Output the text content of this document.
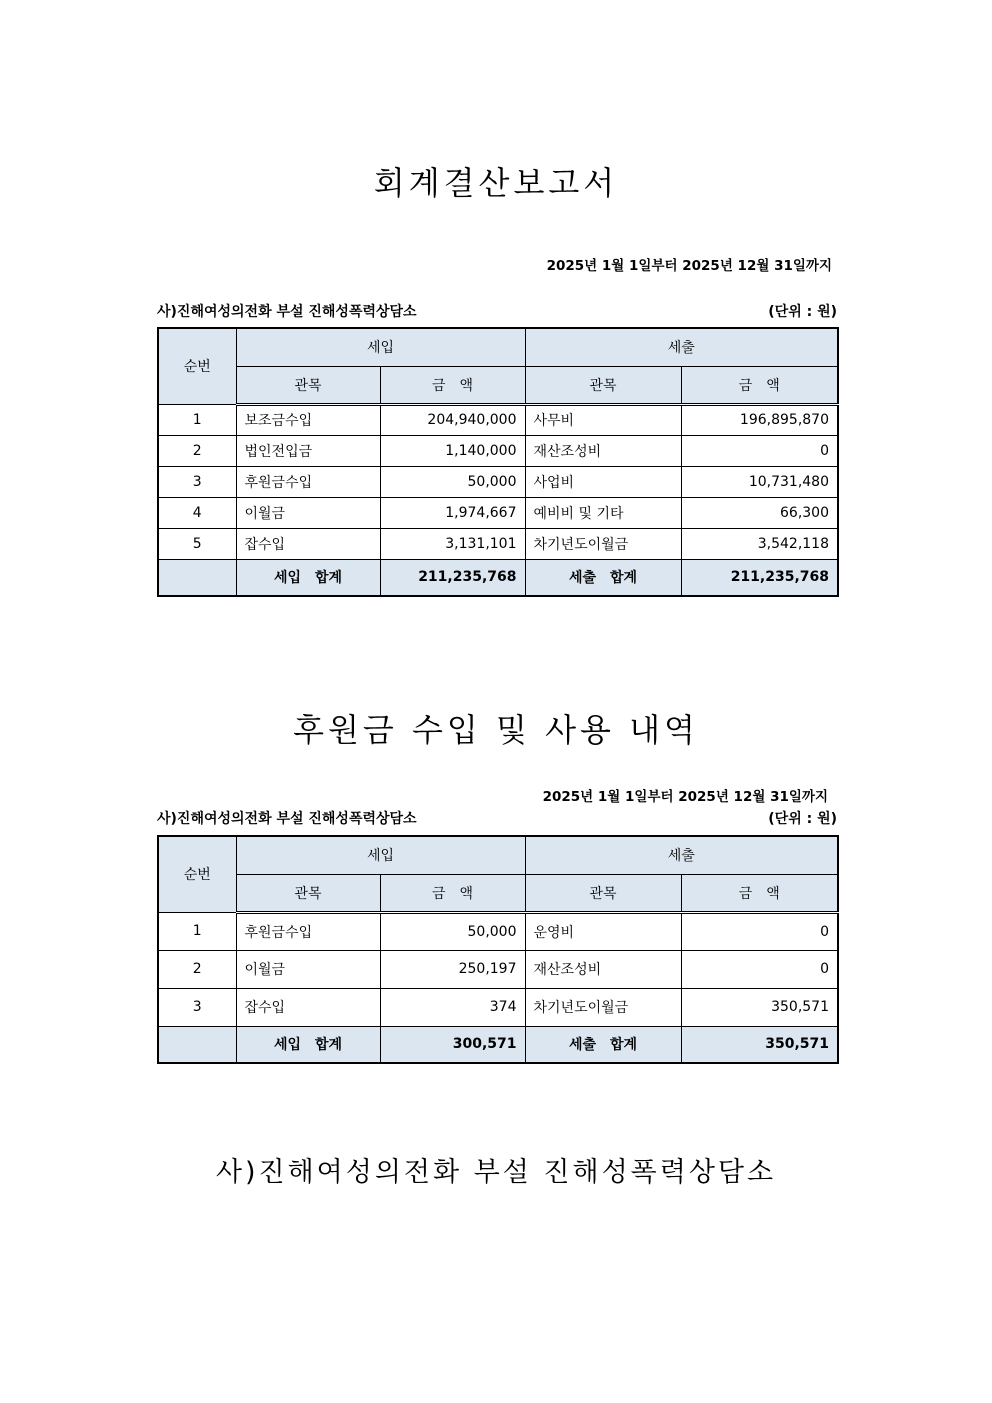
회계결산보고서
2025년 1월 1일부터 2025년 12월 31일까지
사)진해여성의전화 부설 진해성폭력상담소	(단위 : 원)
순번	세입		세출	
	관목	금　액	관목	금　액
1	보조금수입	204,940,000	사무비	196,895,870
2	법인전입금	1,140,000	재산조성비	0
3	후원금수입	50,000	사업비	10,731,480
4	이월금	1,974,667	예비비 및 기타	66,300
5	잡수입	3,131,101	차기년도이월금	3,542,118
	세입　합계	211,235,768	세출　합계	211,235,768
후원금 수입 및 사용 내역
2025년 1월 1일부터 2025년 12월 31일까지
사)진해여성의전화 부설 진해성폭력상담소	(단위 : 원)
순번	세입		세출	
	관목	금　액	관목	금　액
1	후원금수입	50,000	운영비	0
2	이월금	250,197	재산조성비	0
3	잡수입	374	차기년도이월금	350,571
	세입　합계	300,571	세출　합계	350,571
사)진해여성의전화 부설 진해성폭력상담소
